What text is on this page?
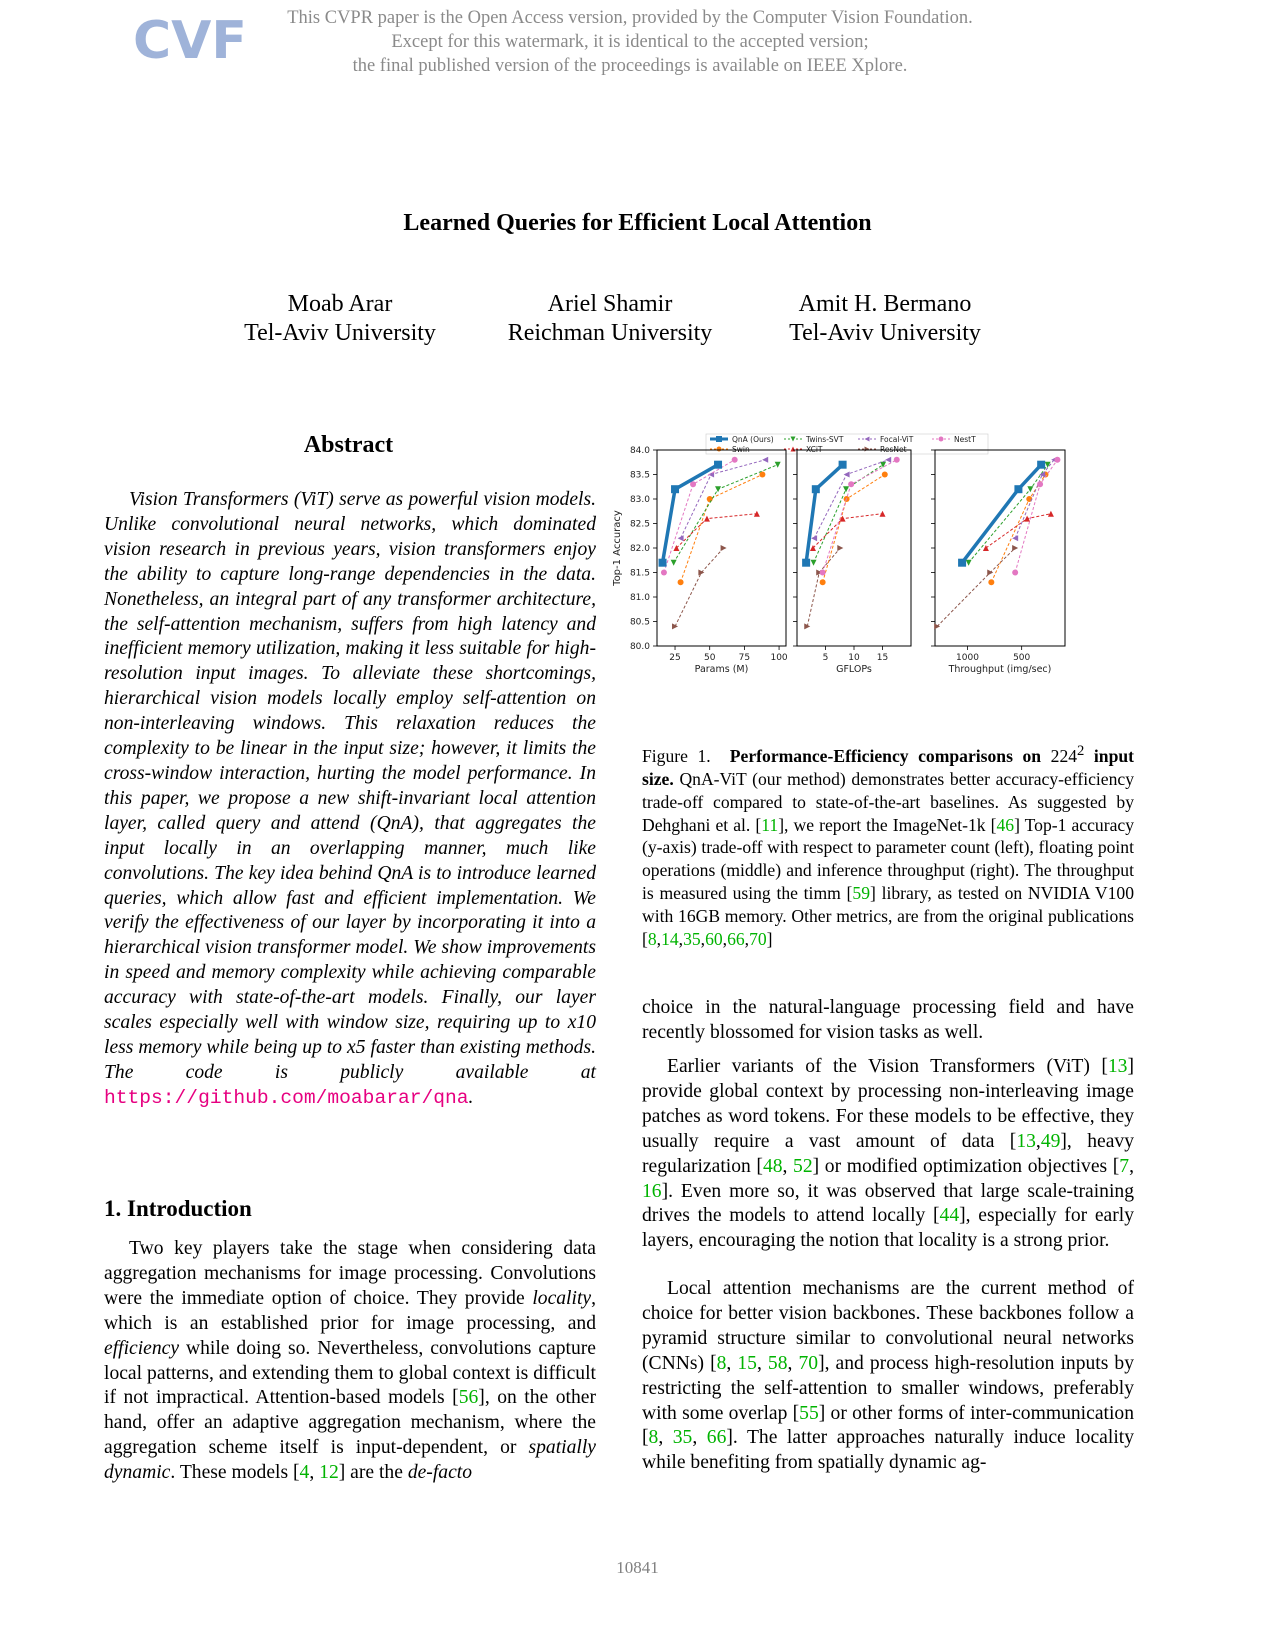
CVF	This CVPR paper is the Open Access version, provided by the Computer Vision Foundation.
Except for this watermark, it is identical to the accepted version;
the final published version of the proceedings is available on IEEE Xplore.
Learned Queries for Efficient Local Attention
Moab Arar
Tel-Aviv University
Ariel Shamir
Reichman University
Amit H. Bermano
Tel-Aviv University
Abstract
Vision Transformers (ViT) serve as powerful vision models. Unlike convolutional neural networks, which dominated vision research in previous years, vision transformers enjoy the ability to capture long-range dependencies in the data. Nonetheless, an integral part of any transformer architecture, the self-attention mechanism, suffers from high latency and inefficient memory utilization, making it less suitable for high-resolution input images. To alleviate these shortcomings, hierarchical vision models locally employ self-attention on non-interleaving windows. This relaxation reduces the complexity to be linear in the input size; however, it limits the cross-window interaction, hurting the model performance. In this paper, we propose a new shift-invariant local attention layer, called query and attend (QnA), that aggregates the input locally in an overlapping manner, much like convolutions. The key idea behind QnA is to introduce learned queries, which allow fast and efficient implementation. We verify the effectiveness of our layer by incorporating it into a hierarchical vision transformer model. We show improvements in speed and memory complexity while achieving comparable accuracy with state-of-the-art models. Finally, our layer scales especially well with window size, requiring up to x10 less memory while being up to x5 faster than existing methods. The code is publicly available at https://github.com/moabarar/qna.
1. Introduction
Two key players take the stage when considering data aggregation mechanisms for image processing. Convolutions were the immediate option of choice. They provide locality, which is an established prior for image processing, and efficiency while doing so. Nevertheless, convolutions capture local patterns, and extending them to global context is difficult if not impractical. Attention-based models [56], on the other hand, offer an adaptive aggregation mechanism, where the aggregation scheme itself is input-dependent, or spatially dynamic. These models [4, 12] are the de-facto
QnA (Ours)
Swin
Twins-SVT
XCiT
Focal-ViT
ResNet
NestT
Top-1 Accuracy
80.0
80.5
81.0
81.5
82.0
82.5
83.0
83.5
84.0
25	50	75 100
Params (M)
5 10 15
GFLOPs
1000	500
Throughput (img/sec)
Figure 1. Performance-Efficiency comparisons on $224^2$ input size. QnA-ViT (our method) demonstrates better accuracy-efficiency trade-off compared to state-of-the-art baselines. As suggested by Dehghani et al. [11], we report the ImageNet-1k [46] Top-1 accuracy (y-axis) trade-off with respect to parameter count (left), floating point operations (middle) and inference throughput (right). The throughput is measured using the timm [59] library, as tested on NVIDIA V100 with 16GB memory. Other metrics, are from the original publications [8,14,35,60,66,70]
choice in the natural-language processing field and have recently blossomed for vision tasks as well.
Earlier variants of the Vision Transformers (ViT) [13] provide global context by processing non-interleaving image patches as word tokens. For these models to be effective, they usually require a vast amount of data [13,49], heavy regularization [48, 52] or modified optimization objectives [7, 16]. Even more so, it was observed that large scale-training drives the models to attend locally [44], especially for early layers, encouraging the notion that locality is a strong prior.
Local attention mechanisms are the current method of choice for better vision backbones. These backbones follow a pyramid structure similar to convolutional neural networks (CNNs) [8, 15, 58, 70], and process high-resolution inputs by restricting the self-attention to smaller windows, preferably with some overlap [55] or other forms of inter-communication [8, 35, 66]. The latter approaches naturally induce locality while benefiting from spatially dynamic ag-
10841
